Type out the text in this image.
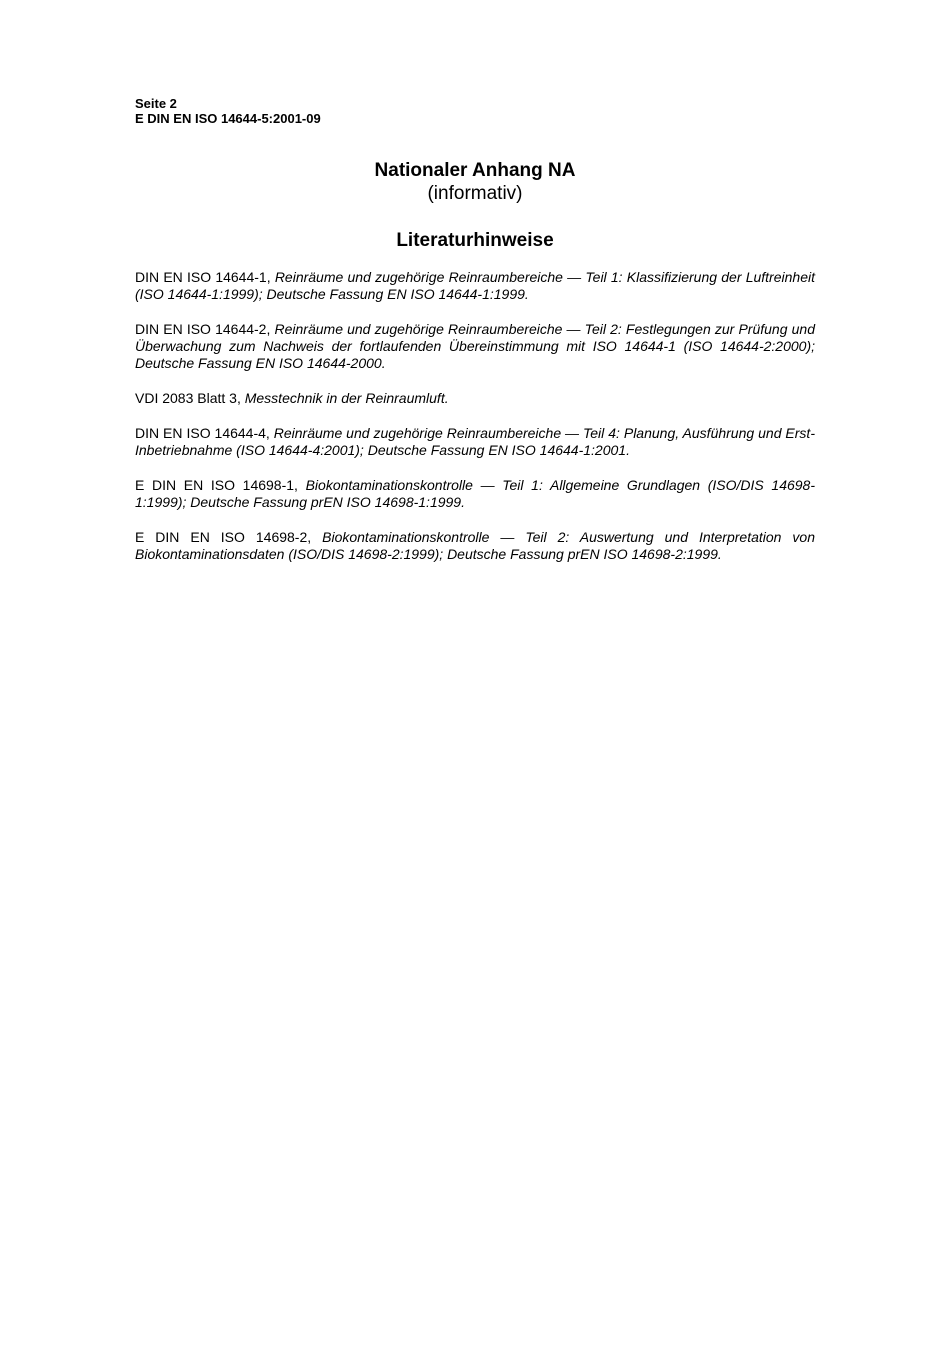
Seite 2
E DIN EN ISO 14644-5:2001-09
Nationaler Anhang NA
(informativ)
Literaturhinweise

DIN EN ISO 14644-1, Reinräume und zugehörige Reinraumbereiche — Teil 1: Klassifizierung der Luftreinheit (ISO 14644-1:1999); Deutsche Fassung EN ISO 14644-1:1999.

DIN EN ISO 14644-2, Reinräume und zugehörige Reinraumbereiche — Teil 2: Festlegungen zur Prüfung und Überwachung zum Nachweis der fortlaufenden Übereinstimmung mit ISO 14644-1 (ISO 14644-2:2000); Deutsche Fassung EN ISO 14644-2000.

VDI 2083 Blatt 3, Messtechnik in der Reinraumluft.

DIN EN ISO 14644-4, Reinräume und zugehörige Reinraumbereiche — Teil 4: Planung, Ausführung und Erst-Inbetriebnahme (ISO 14644-4:2001); Deutsche Fassung EN ISO 14644-1:2001.

E DIN EN ISO 14698-1, Biokontaminationskontrolle — Teil 1: Allgemeine Grundlagen (ISO/DIS 14698-1:1999); Deutsche Fassung prEN ISO 14698-1:1999.

E DIN EN ISO 14698-2, Biokontaminationskontrolle — Teil 2: Auswertung und Interpretation von Biokontaminationsdaten (ISO/DIS 14698-2:1999); Deutsche Fassung prEN ISO 14698-2:1999.
